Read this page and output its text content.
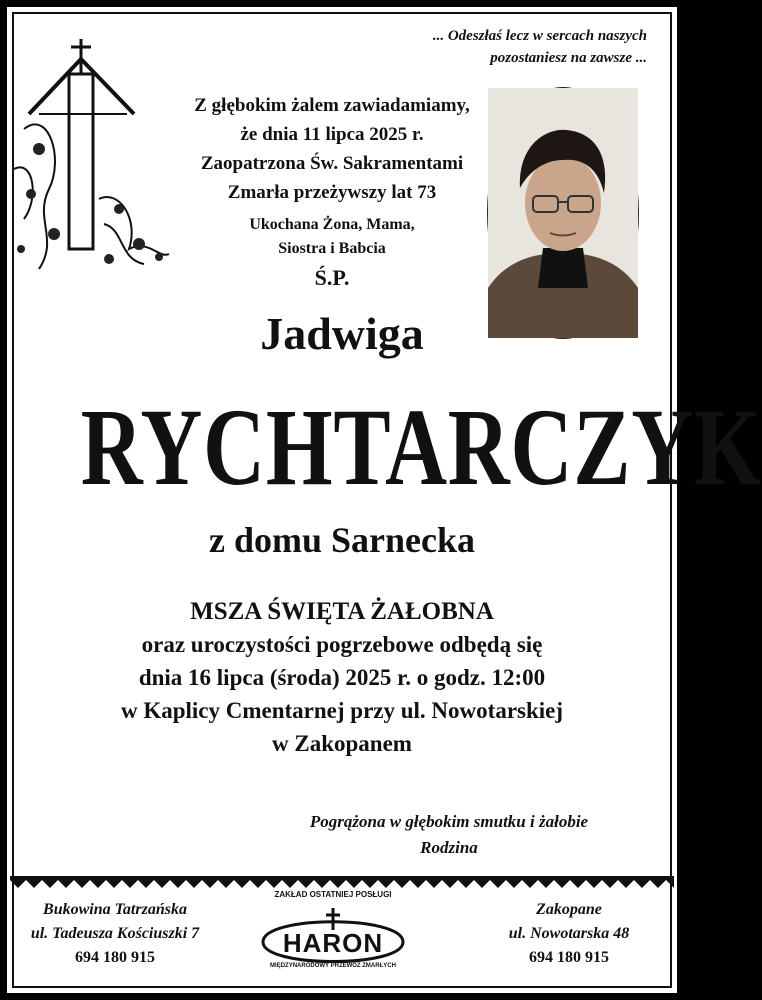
... Odeszłaś lecz w sercach naszych
pozostaniesz na zawsze ...
Z głębokim żalem zawiadamiamy,
że dnia 11 lipca 2025 r.
Zaopatrzona Św. Sakramentami
Zmarła przeżywszy lat 73
Ukochana Żona, Mama,
Siostra i Babcia
Ś.P.
Jadwiga
RYCHTARCZYK
z domu Sarnecka
MSZA ŚWIĘTA ŻAŁOBNA
oraz uroczystości pogrzebowe odbędą się
dnia 16 lipca (środa) 2025 r. o godz. 12:00
w Kaplicy Cmentarnej przy ul. Nowotarskiej
w Zakopanem
Pogrążona w głębokim smutku i żałobie
Rodzina
Bukowina Tatrzańska
ul. Tadeusza Kościuszki 7
694 180 915
Zakopane
ul. Nowotarska 48
694 180 915
ZAKŁAD OSTATNIEJ POSŁUGI
HARON
MIĘDZYNARODOWY PRZEWÓZ ZMARŁYCH
